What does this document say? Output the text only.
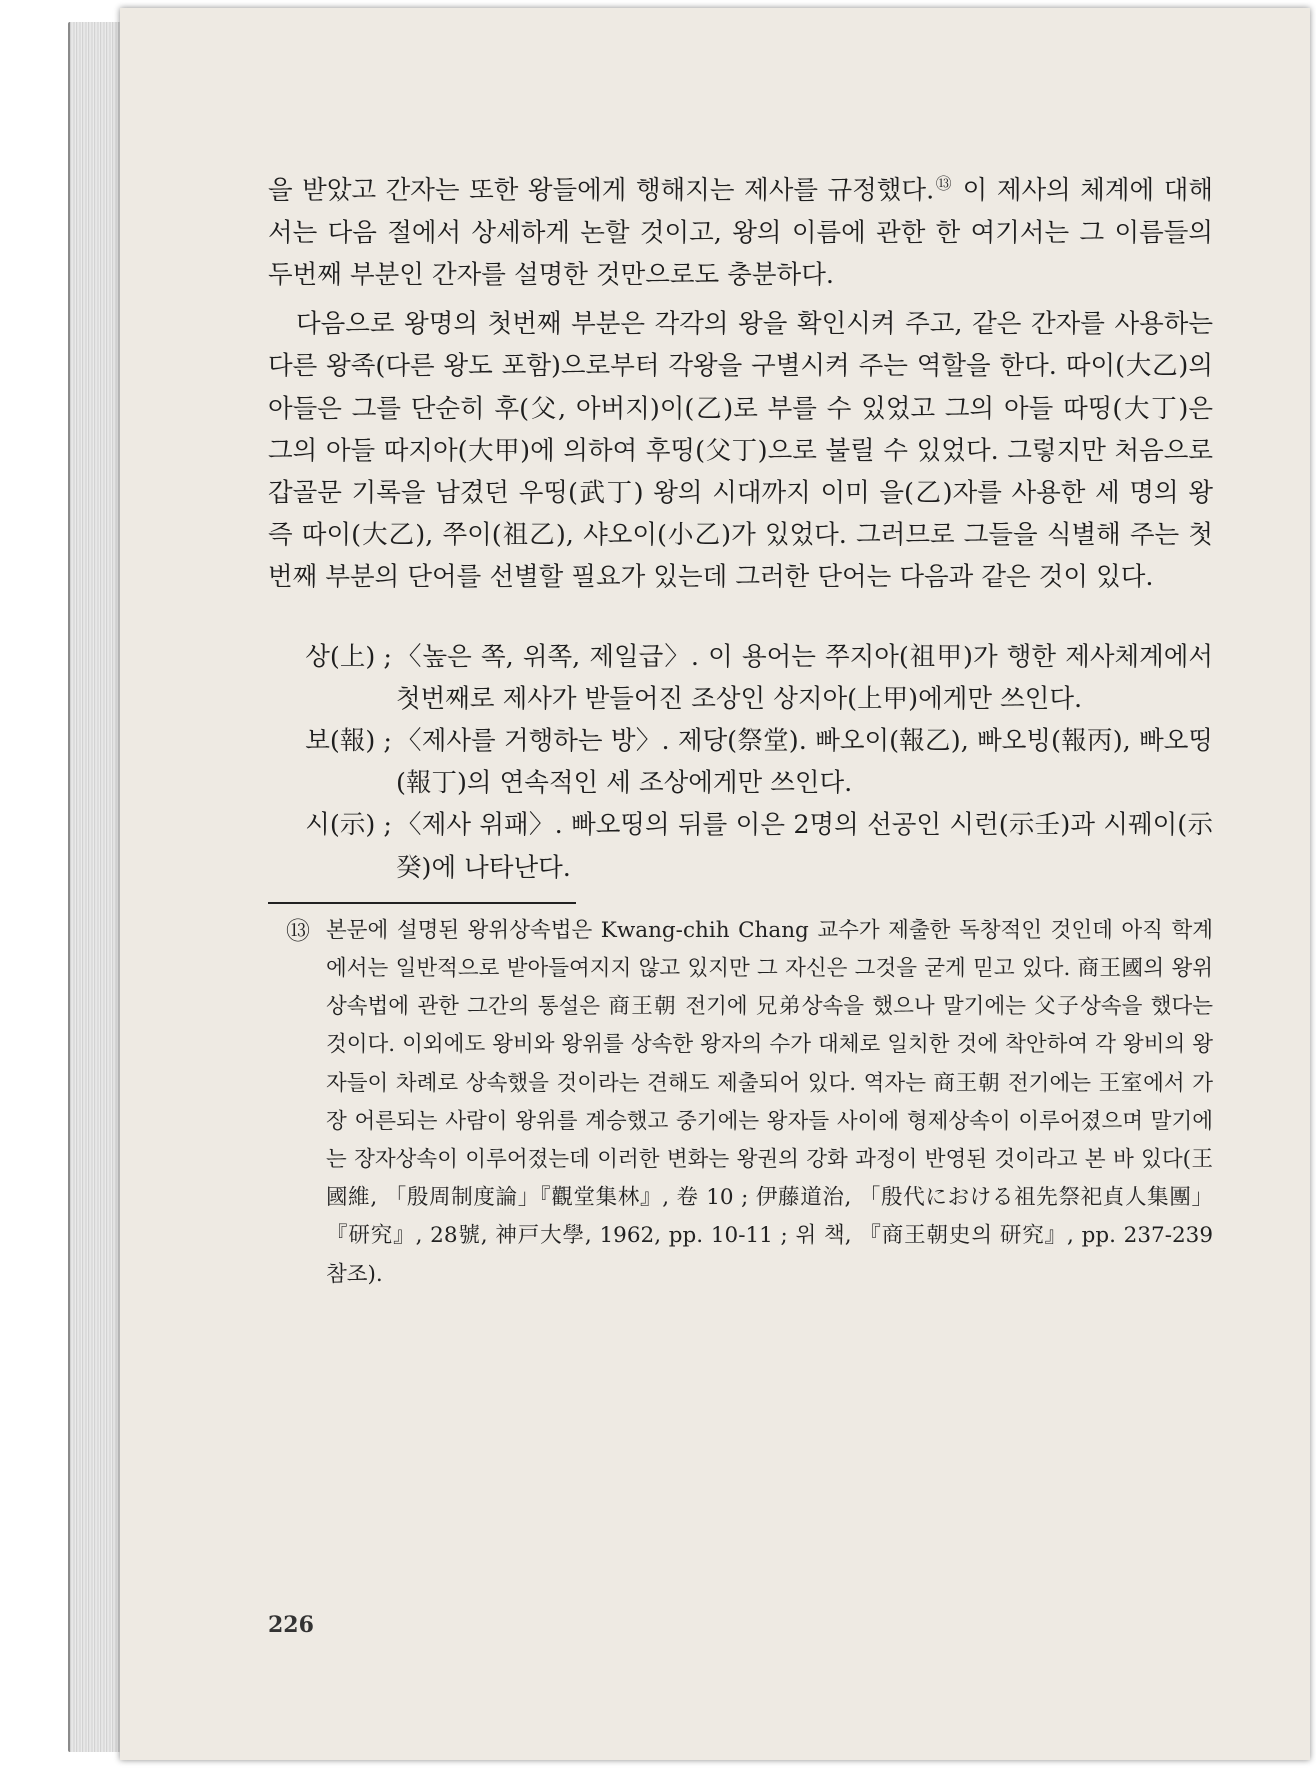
을 받았고 간자는 또한 왕들에게 행해지는 제사를 규정했다.⑬ 이 제사의 체계에 대해서는 다음 절에서 상세하게 논할 것이고, 왕의 이름에 관한 한 여기서는 그 이름들의 두번째 부분인 간자를 설명한 것만으로도 충분하다.

다음으로 왕명의 첫번째 부분은 각각의 왕을 확인시켜 주고, 같은 간자를 사용하는 다른 왕족(다른 왕도 포함)으로부터 각왕을 구별시켜 주는 역할을 한다. 따이(大乙)의 아들은 그를 단순히 후(父, 아버지)이(乙)로 부를 수 있었고 그의 아들 따띵(大丁)은 그의 아들 따지아(大甲)에 의하여 후띵(父丁)으로 불릴 수 있었다. 그렇지만 처음으로 갑골문 기록을 남겼던 우띵(武丁) 왕의 시대까지 이미 을(乙)자를 사용한 세 명의 왕 즉 따이(大乙), 쭈이(祖乙), 샤오이(小乙)가 있었다. 그러므로 그들을 식별해 주는 첫번째 부분의 단어를 선별할 필요가 있는데 그러한 단어는 다음과 같은 것이 있다.

상(上) ; 〈높은 쪽, 위쪽, 제일급〉. 이 용어는 쭈지아(祖甲)가 행한 제사체계에서 첫번째로 제사가 받들어진 조상인 상지아(上甲)에게만 쓰인다.
보(報) ; 〈제사를 거행하는 방〉. 제당(祭堂). 빠오이(報乙), 빠오빙(報丙), 빠오띵(報丁)의 연속적인 세 조상에게만 쓰인다.
시(示) ; 〈제사 위패〉. 빠오띵의 뒤를 이은 2명의 선공인 시런(示壬)과 시꿰이(示癸)에 나타난다.
⑬ 본문에 설명된 왕위상속법은 Kwang-chih Chang 교수가 제출한 독창적인 것인데 아직 학계에서는 일반적으로 받아들여지지 않고 있지만 그 자신은 그것을 굳게 믿고 있다. 商王國의 왕위 상속법에 관한 그간의 통설은 商王朝 전기에 兄弟상속을 했으나 말기에는 父子상속을 했다는 것이다. 이외에도 왕비와 왕위를 상속한 왕자의 수가 대체로 일치한 것에 착안하여 각 왕비의 왕자들이 차례로 상속했을 것이라는 견해도 제출되어 있다. 역자는 商王朝 전기에는 王室에서 가장 어른되는 사람이 왕위를 계승했고 중기에는 왕자들 사이에 형제상속이 이루어졌으며 말기에는 장자상속이 이루어졌는데 이러한 변화는 왕권의 강화 과정이 반영된 것이라고 본 바 있다(王國維, 「殷周制度論」『觀堂集林』, 卷 10 ; 伊藤道治, 「殷代における祖先祭祀貞人集團」『研究』, 28號, 神戸大學, 1962, pp. 10-11 ; 위 책, 『商王朝史의 研究』, pp. 237-239 참조).
226
